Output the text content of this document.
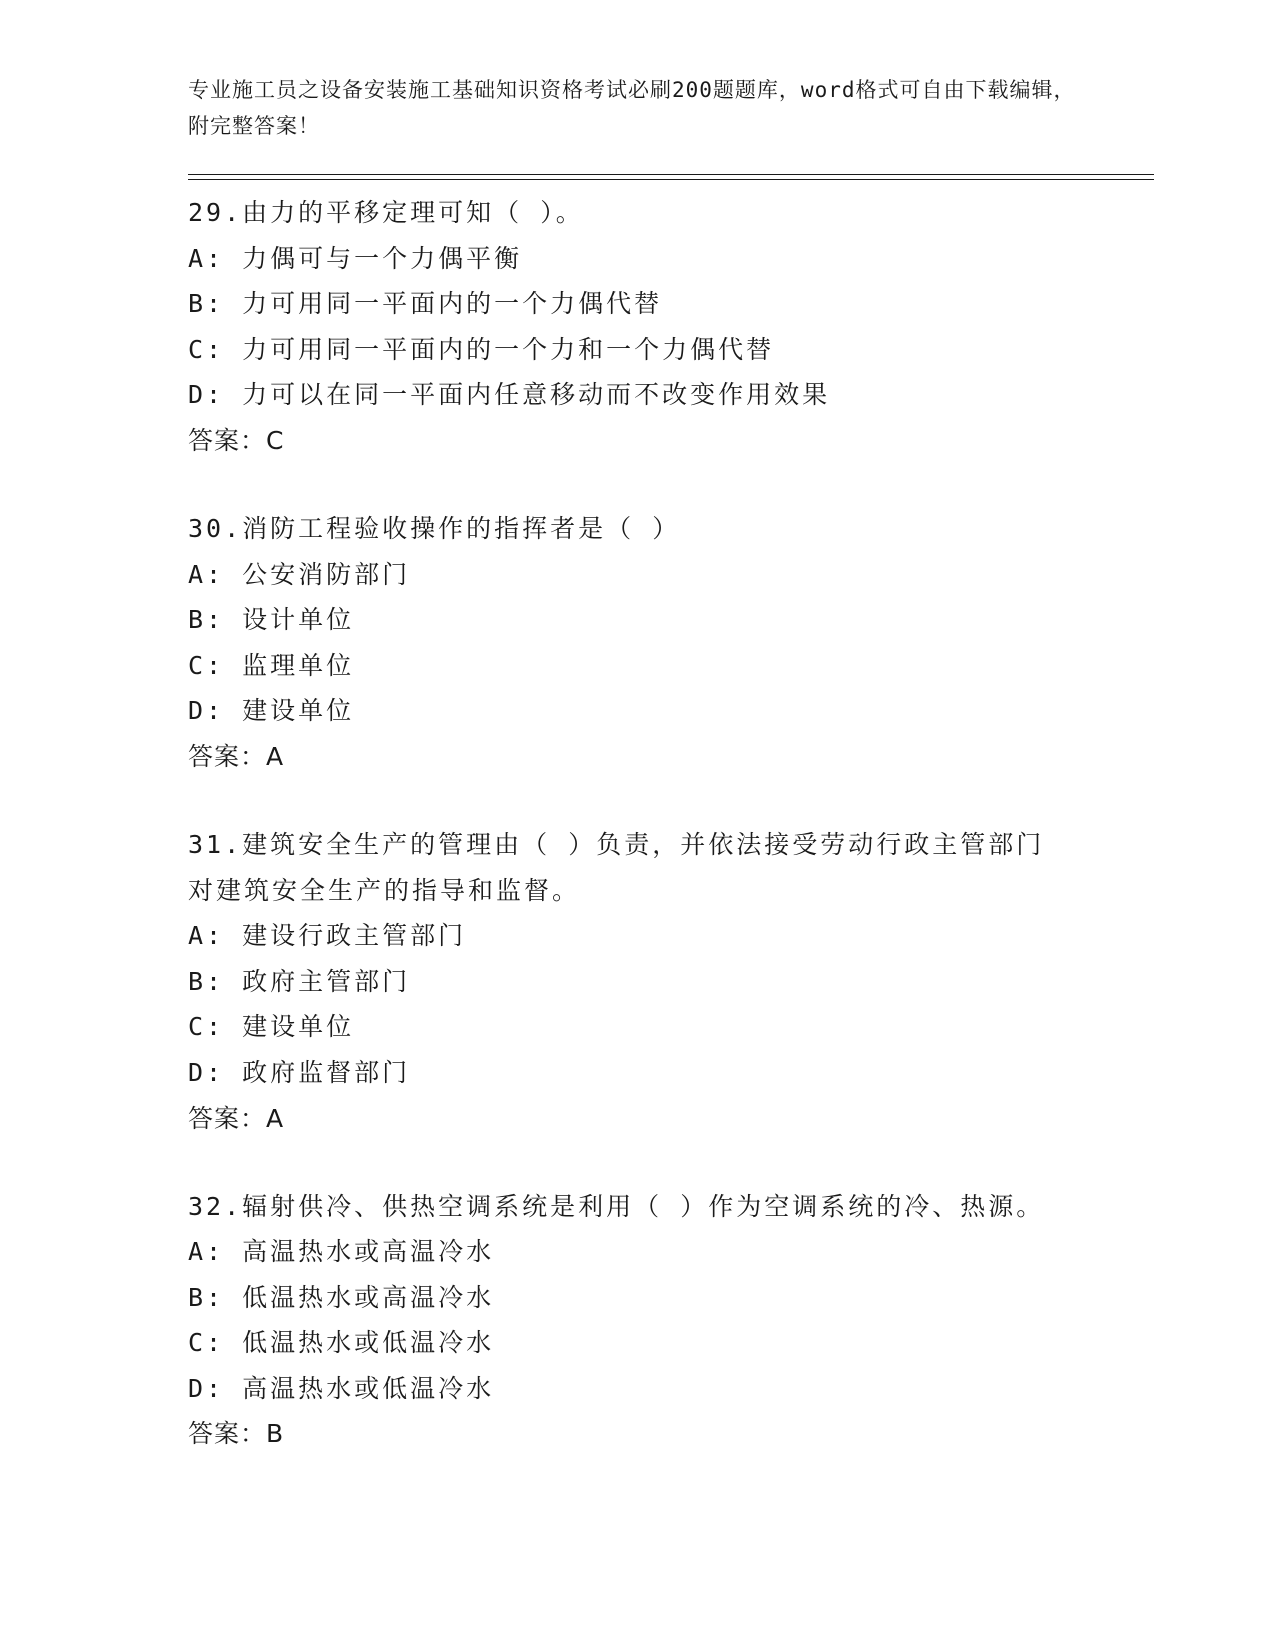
专业施工员之设备安装施工基础知识资格考试必刷200题题库，word格式可自由下载编辑，附完整答案！
29.由力的平移定理可知（ ）。
A: 力偶可与一个力偶平衡
B: 力可用同一平面内的一个力偶代替
C: 力可用同一平面内的一个力和一个力偶代替
D: 力可以在同一平面内任意移动而不改变作用效果
答案：C
30.消防工程验收操作的指挥者是（ ）
A: 公安消防部门
B: 设计单位
C: 监理单位
D: 建设单位
答案：A
31.建筑安全生产的管理由（ ）负责，并依法接受劳动行政主管部门对建筑安全生产的指导和监督。
A: 建设行政主管部门
B: 政府主管部门
C: 建设单位
D: 政府监督部门
答案：A
32.辐射供冷、供热空调系统是利用（ ）作为空调系统的冷、热源。
A: 高温热水或高温冷水
B: 低温热水或高温冷水
C: 低温热水或低温冷水
D: 高温热水或低温冷水
答案：B
